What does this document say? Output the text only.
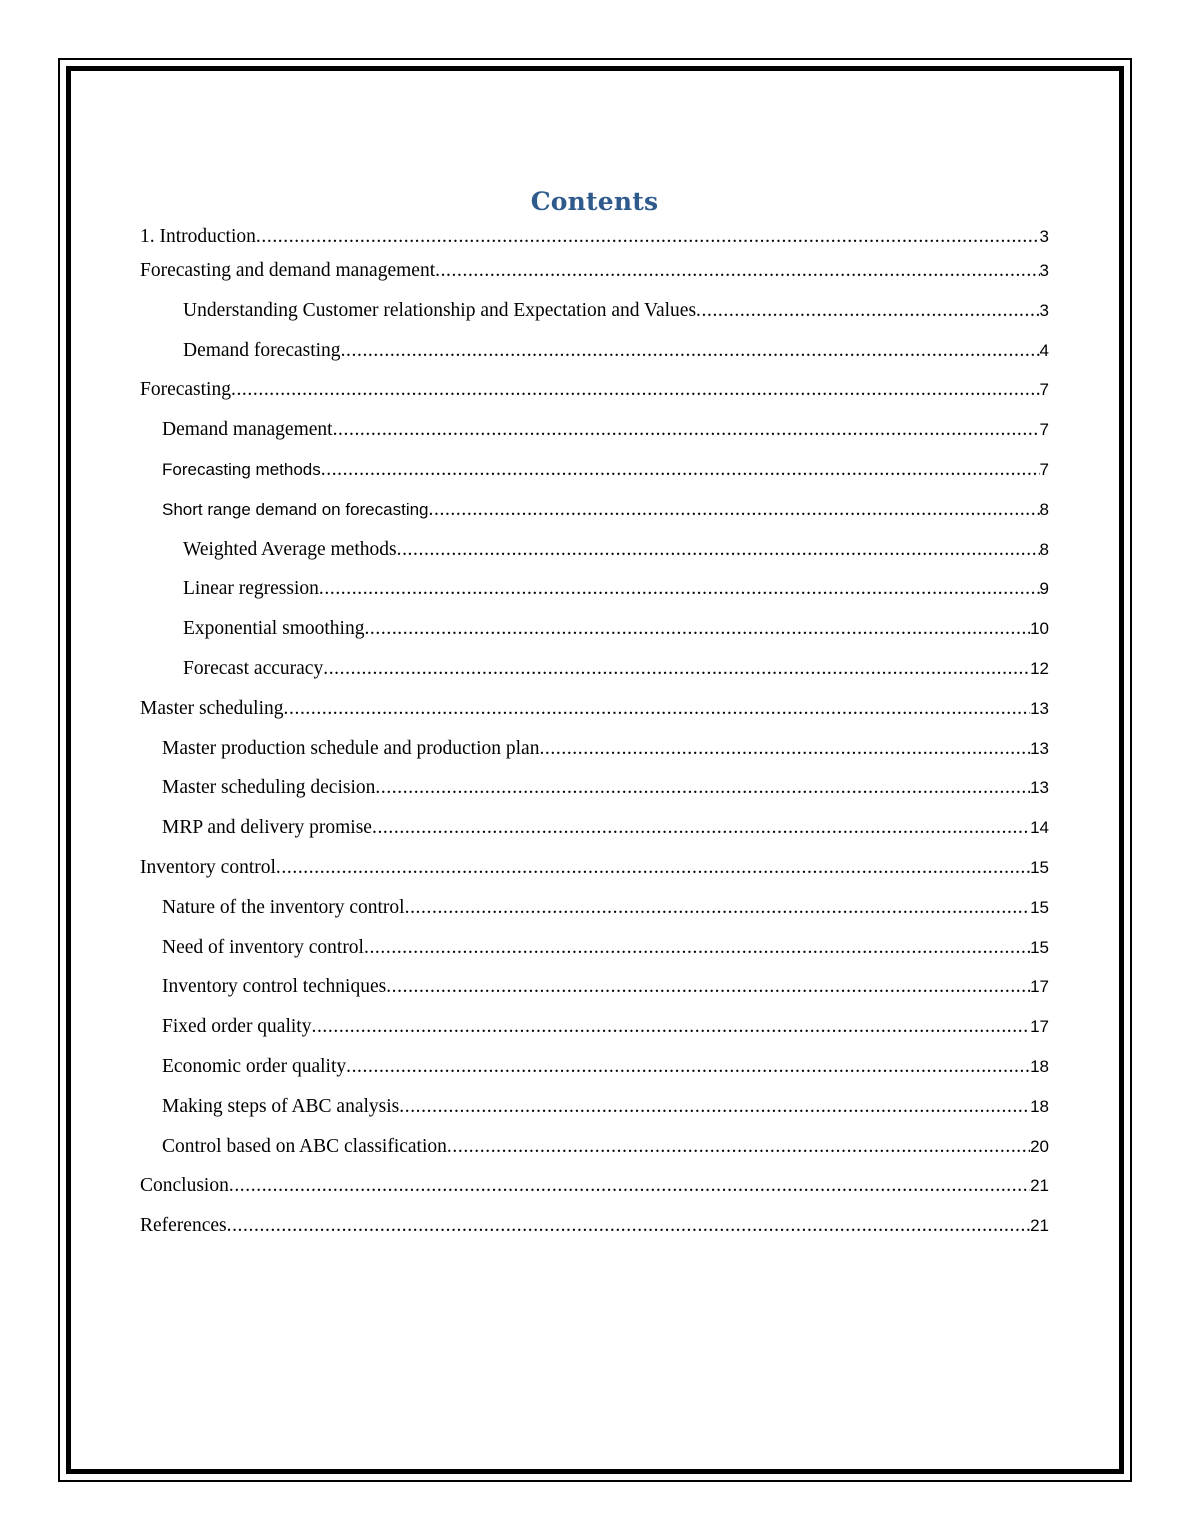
Contents
1. Introduction .....	3
Forecasting and demand management .....	3
Understanding Customer relationship and Expectation and Values .....	3
Demand forecasting .....	4
Forecasting .....	7
Demand management .....	7
Forecasting methods .....	7
Short range demand on forecasting .....	8
Weighted Average methods .....	8
Linear regression .....	9
Exponential smoothing .....	10
Forecast accuracy .....	12
Master scheduling .....	13
Master production schedule and production plan .....	13
Master scheduling decision .....	13
MRP and delivery promise .....	14
Inventory control .....	15
Nature of the inventory control .....	15
Need of inventory control .....	15
Inventory control techniques .....	17
Fixed order quality .....	17
Economic order quality .....	18
Making steps of ABC analysis .....	18
Control based on ABC classification .....	20
Conclusion .....	21
References .....	21
